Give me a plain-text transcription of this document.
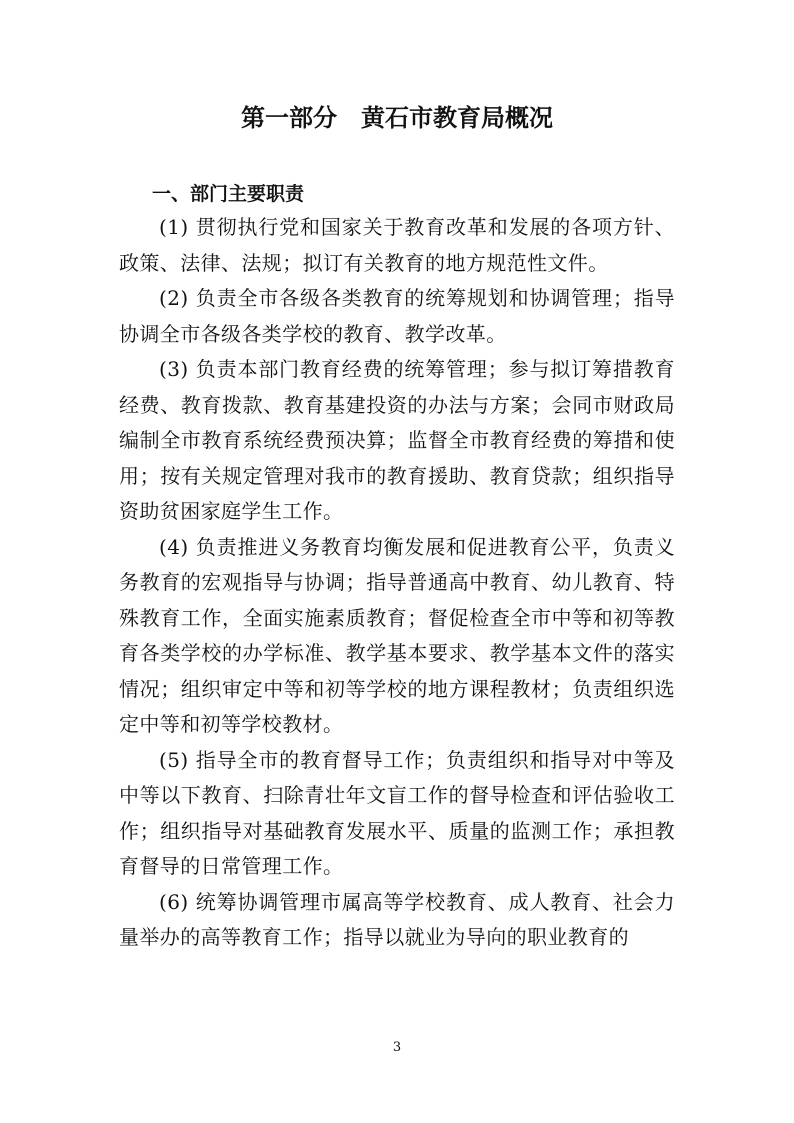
第一部分　黄石市教育局概况
一、部门主要职责

(1) 贯彻执行党和国家关于教育改革和发展的各项方针、政策、法律、法规；拟订有关教育的地方规范性文件。

(2) 负责全市各级各类教育的统筹规划和协调管理；指导协调全市各级各类学校的教育、教学改革。

(3) 负责本部门教育经费的统筹管理；参与拟订筹措教育经费、教育拨款、教育基建投资的办法与方案；会同市财政局编制全市教育系统经费预决算；监督全市教育经费的筹措和使用；按有关规定管理对我市的教育援助、教育贷款；组织指导资助贫困家庭学生工作。

(4) 负责推进义务教育均衡发展和促进教育公平，负责义务教育的宏观指导与协调；指导普通高中教育、幼儿教育、特殊教育工作，全面实施素质教育；督促检查全市中等和初等教育各类学校的办学标准、教学基本要求、教学基本文件的落实情况；组织审定中等和初等学校的地方课程教材；负责组织选定中等和初等学校教材。

(5) 指导全市的教育督导工作；负责组织和指导对中等及中等以下教育、扫除青壮年文盲工作的督导检查和评估验收工作；组织指导对基础教育发展水平、质量的监测工作；承担教育督导的日常管理工作。

(6) 统筹协调管理市属高等学校教育、成人教育、社会力量举办的高等教育工作；指导以就业为导向的职业教育的

3
